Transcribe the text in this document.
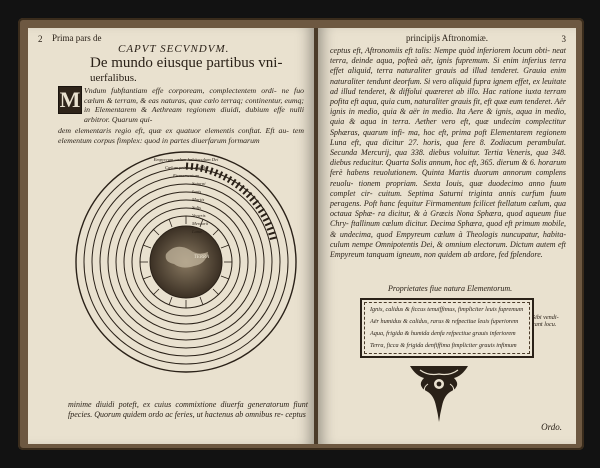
2 Prima pars de
CAPVT SECVNDVM.
De mundo eiusque partibus vni-
uerfalibus.
M Vndum fubftantiam effe corpoream, complectentem ordi- ne fuo cælum & terram, & eas naturas, quæ cælo terraq; continentur, eumq; in Elementarem & Aethream regionem diuidi, dubium effe nulli arbitror. Quarum qui-
dem elementaris regio eft, quæ ex quatuor elementis conftat. Eft au- tem elementum corpus fimplex: quod in partes diuerfarum formarum
TERRA
Empyreum cælum habitaculum Dei
Cælum primum mobile
Firmamentum
Saturni
Iouis
Martis
Solis
Veneris
Mercurii
Lunæ
minime diuidi poteft, ex cuius commixtione diuerfa generatorum fiunt fpecies. Quorum quidem ordo ac feries, ut hactenus ab omnibus re- ceptus
principijs Aftronomiæ.	3
ceptus eft, Aftronomiis eft talis: Nempe quòd inferiorem locum obti- neat terra, deinde aqua, pofteà aër, ignis fupremum. Si enim inferius terra effet aliquid, terra naturaliter grauis ad illud tenderet. Grauia enim naturaliter tendunt deorfum. Si vero aliquid fupra ignem effet, ex leuitate ad illud tenderet, & diffolui quæreret ab illo. Hac ratione iuxta terram pofita eft aqua, quia cum, naturaliter grauis fit, eft quæ eum tenderet. Aër ignis in medio, quia & aër in medio. Ita Aere & ignis, aqua in medio, quia & aqua in terra. Aether vero eft, quæ undecim complectitur Sphæras, quarum infi- ma, hoc eft, prima poft Elementarem regionem Luna eft, qua dicitur 27. horis, qua fere 8. Zodiacum perambulat. Secunda Mercurij, qua 338. diebus voluitur. Tertia Veneris, qua 348. diebus reducitur. Quarta Solis annum, hoc eft, 365. dierum & 6. horarum ferè habens reuolutionem. Quinta Martis duorum annorum complens reuolu- tionem propriam. Sexta Iouis, quæ duodecimo anno fuum complet cir- cuitum. Septima Saturni triginta annis curfum fuum peragens. Poft hanc fequitur Firmamentum fcilicet ftellatum cælum, qua octaua Sphæ- ra dicitur, & à Græcis Nona Sphæra, quod aqueum fiue Chry- ftallinum cælum dicitur. Decima Sphæra, quod eft primum mobile, & undecima, quod Empyreum cælum à Theologis nuncupatur, habita- culum nempe Omnipotentis Dei, & omnium electorum. Dictum autem eft Empyreum tanquam igneum, non quidem ab ardore, fed fplendore.
Proprietates fiue natura Elementorum.
Ignis, calidus & ficcus tenuiffimus, fimpliciter leuis fupremum
Aër humidus & calidus, rarus & refpectiue leuis fuperiorem
Aqua, frigida & humida denfa refpectiue grauis inferiorem
Terra, ficca & frigida denfiffima fimpliciter grauis infimum
Sibi vendi- cant locu.
Ordo.
